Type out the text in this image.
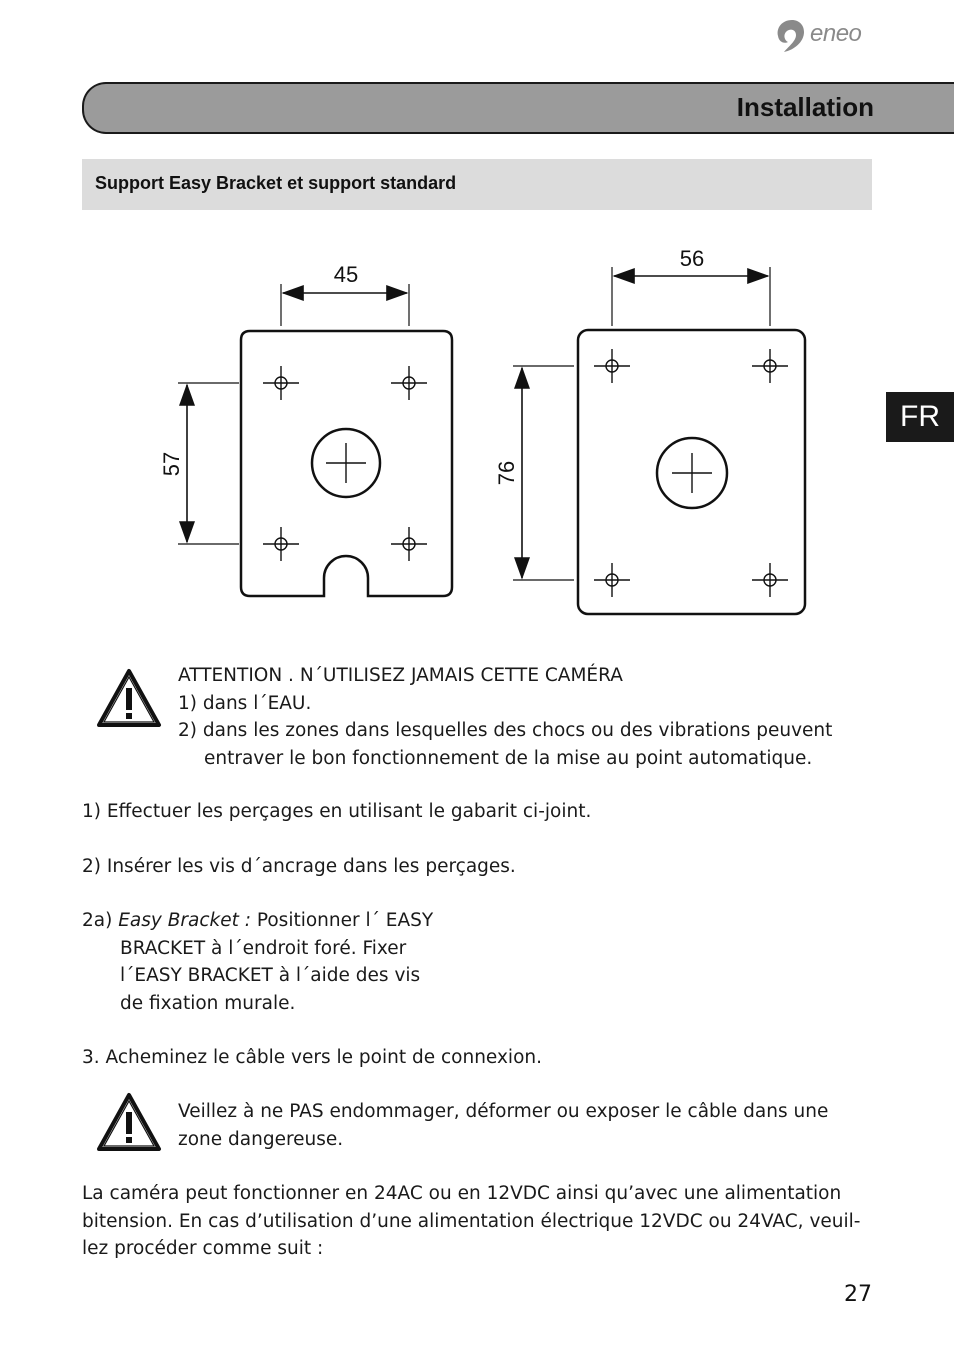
eneo
Installation
Support Easy Bracket et support standard
FR
45
57
56
76
ATTENTION . N´UTILISEZ JAMAIS CETTE CAMÉRA
1) dans l´EAU.
2) dans les zones dans lesquelles des chocs ou des vibrations peuvent
entraver le bon fonctionnement de la mise au point automatique.
1) Effectuer les perçages en utilisant le gabarit ci-joint.
2) Insérer les vis d´ancrage dans les perçages.
2a) Easy Bracket : Positionner l´ EASY
BRACKET à l´endroit foré. Fixer
l´EASY BRACKET à l´aide des vis
de fixation murale.
3. Acheminez le câble vers le point de connexion.
Veillez à ne PAS endommager, déformer ou exposer le câble dans une
zone dangereuse.
La caméra peut fonctionner en 24AC ou en 12VDC ainsi qu’avec une alimentation
bitension. En cas d’utilisation d’une alimentation électrique 12VDC ou 24VAC, veuil-
lez procéder comme suit :
27
